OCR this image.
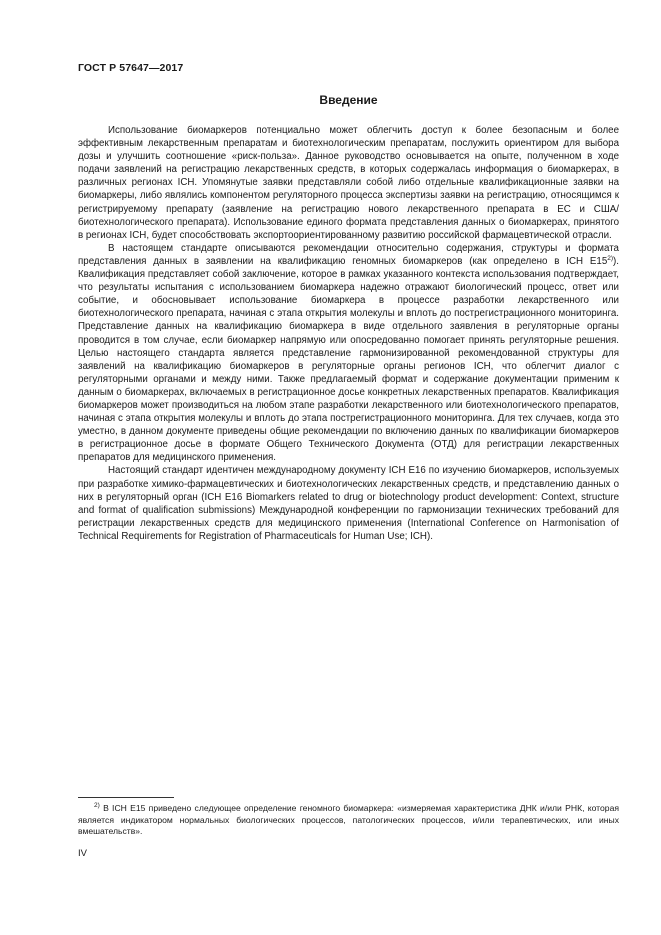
ГОСТ Р 57647—2017
Введение

Использование биомаркеров потенциально может облегчить доступ к более безопасным и более эффективным лекарственным препаратам и биотехнологическим препаратам, послужить ориентиром для выбора дозы и улучшить соотношение «риск-польза». Данное руководство основывается на опыте, полученном в ходе подачи заявлений на регистрацию лекарственных средств, в которых содержалась информация о биомаркерах, в различных регионах ICH. Упомянутые заявки представляли собой либо отдельные квалификационные заявки на биомаркеры, либо являлись компонентом регуляторного процесса экспертизы заявки на регистрацию, относящимся к регистрируемому препарату (заявление на регистрацию нового лекарственного препарата в ЕС и США/биотехнологического препарата). Использование единого формата представления данных о биомаркерах, принятого в регионах ICH, будет способствовать экспортоориентированному развитию российской фармацевтической отрасли.

В настоящем стандарте описываются рекомендации относительно содержания, структуры и формата представления данных в заявлении на квалификацию геномных биомаркеров (как определено в ICH E15$^{2)}$). Квалификация представляет собой заключение, которое в рамках указанного контекста использования подтверждает, что результаты испытания с использованием биомаркера надежно отражают биологический процесс, ответ или событие, и обосновывает использование биомаркера в процессе разработки лекарственного или биотехнологического препарата, начиная с этапа открытия молекулы и вплоть до пострегистрационного мониторинга. Представление данных на квалификацию биомаркера в виде отдельного заявления в регуляторные органы проводится в том случае, если биомаркер напрямую или опосредованно помогает принять регуляторные решения. Целью настоящего стандарта является представление гармонизированной рекомендованной структуры для заявлений на квалификацию биомаркеров в регуляторные органы регионов ICH, что облегчит диалог с регуляторными органами и между ними. Также предлагаемый формат и содержание документации применим к данным о биомаркерах, включаемых в регистрационное досье конкретных лекарственных препаратов. Квалификация биомаркеров может производиться на любом этапе разработки лекарственного или биотехнологического препаратов, начиная с этапа открытия молекулы и вплоть до этапа пострегистрационного мониторинга. Для тех случаев, когда это уместно, в данном документе приведены общие рекомендации по включению данных по квалификации биомаркеров в регистрационное досье в формате Общего Технического Документа (ОТД) для регистрации лекарственных препаратов для медицинского применения.

Настоящий стандарт идентичен международному документу ICH E16 по изучению биомаркеров, используемых при разработке химико-фармацевтических и биотехнологических лекарственных средств, и представлению данных о них в регуляторный орган (ICH E16 Biomarkers related to drug or biotechnology product development: Context, structure and format of qualification submissions) Международной конференции по гармонизации технических требований для регистрации лекарственных средств для медицинского применения (International Conference on Harmonisation of Technical Requirements for Registration of Pharmaceuticals for Human Use; ICH).

$^{2)}$ В ICH E15 приведено следующее определение геномного биомаркера: «измеряемая характеристика ДНК и/или РНК, которая является индикатором нормальных биологических процессов, патологических процессов, и/или терапевтических, или иных вмешательств».

IV
